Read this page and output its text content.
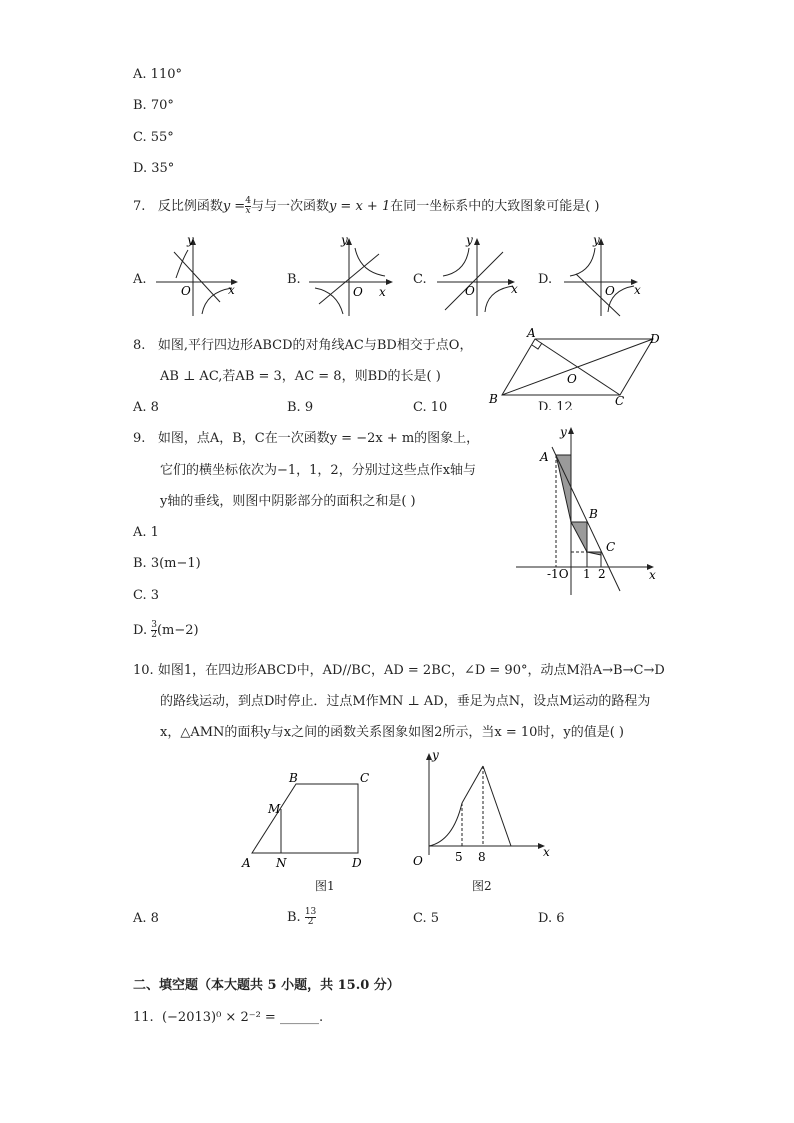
A. 110°
B. 70°
C. 55°
D. 35°
7. 反比例函数$y = \frac{4}{x}$ 与与一次函数y = x + 1在同一坐标系中的大致图象可能是( )
A.	B.	C.	D.
y
x
O
y
x
O
y
x
O
y
x
O
8. 如图,平行四边形ABCD的对角线AC与BD相交于点O，
AB ⊥ AC,若AB = 3，AC = 8，则BD的长是( )
A. 8	B. 9	C. 10
A	D
B	C
O
D. 12
9. 如图，点A，B，C在一次函数y = −2x + m的图象上，
它们的横坐标依次为−1，1，2，分别过这些点作x轴与
y轴的垂线，则图中阴影部分的面积之和是( )
A. 1
B. 3(m−1)
C. 3
D. $\frac{3}{2} (m-2)$
y
x
A
B
C
-1O 1 2
10. 如图1，在四边形ABCD中，AD//BC，AD = 2BC，∠D = 90°，动点M沿A→B→C→D
的路线运动，到点D时停止．过点M作MN ⊥ AD，垂足为点N，设点M运动的路程为
x，△AMN的面积y与x之间的函数关系图象如图2所示，当x = 10时，y的值是( )
A
B	C
D
M
N
图1
y
x
O	5 8
图2
A. 8	B. $\frac{13}{2}$	C. 5	D. 6
二、填空题（本大题共 5 小题，共 15.0 分）
11. (−2013)⁰ × 2⁻² = ______.
